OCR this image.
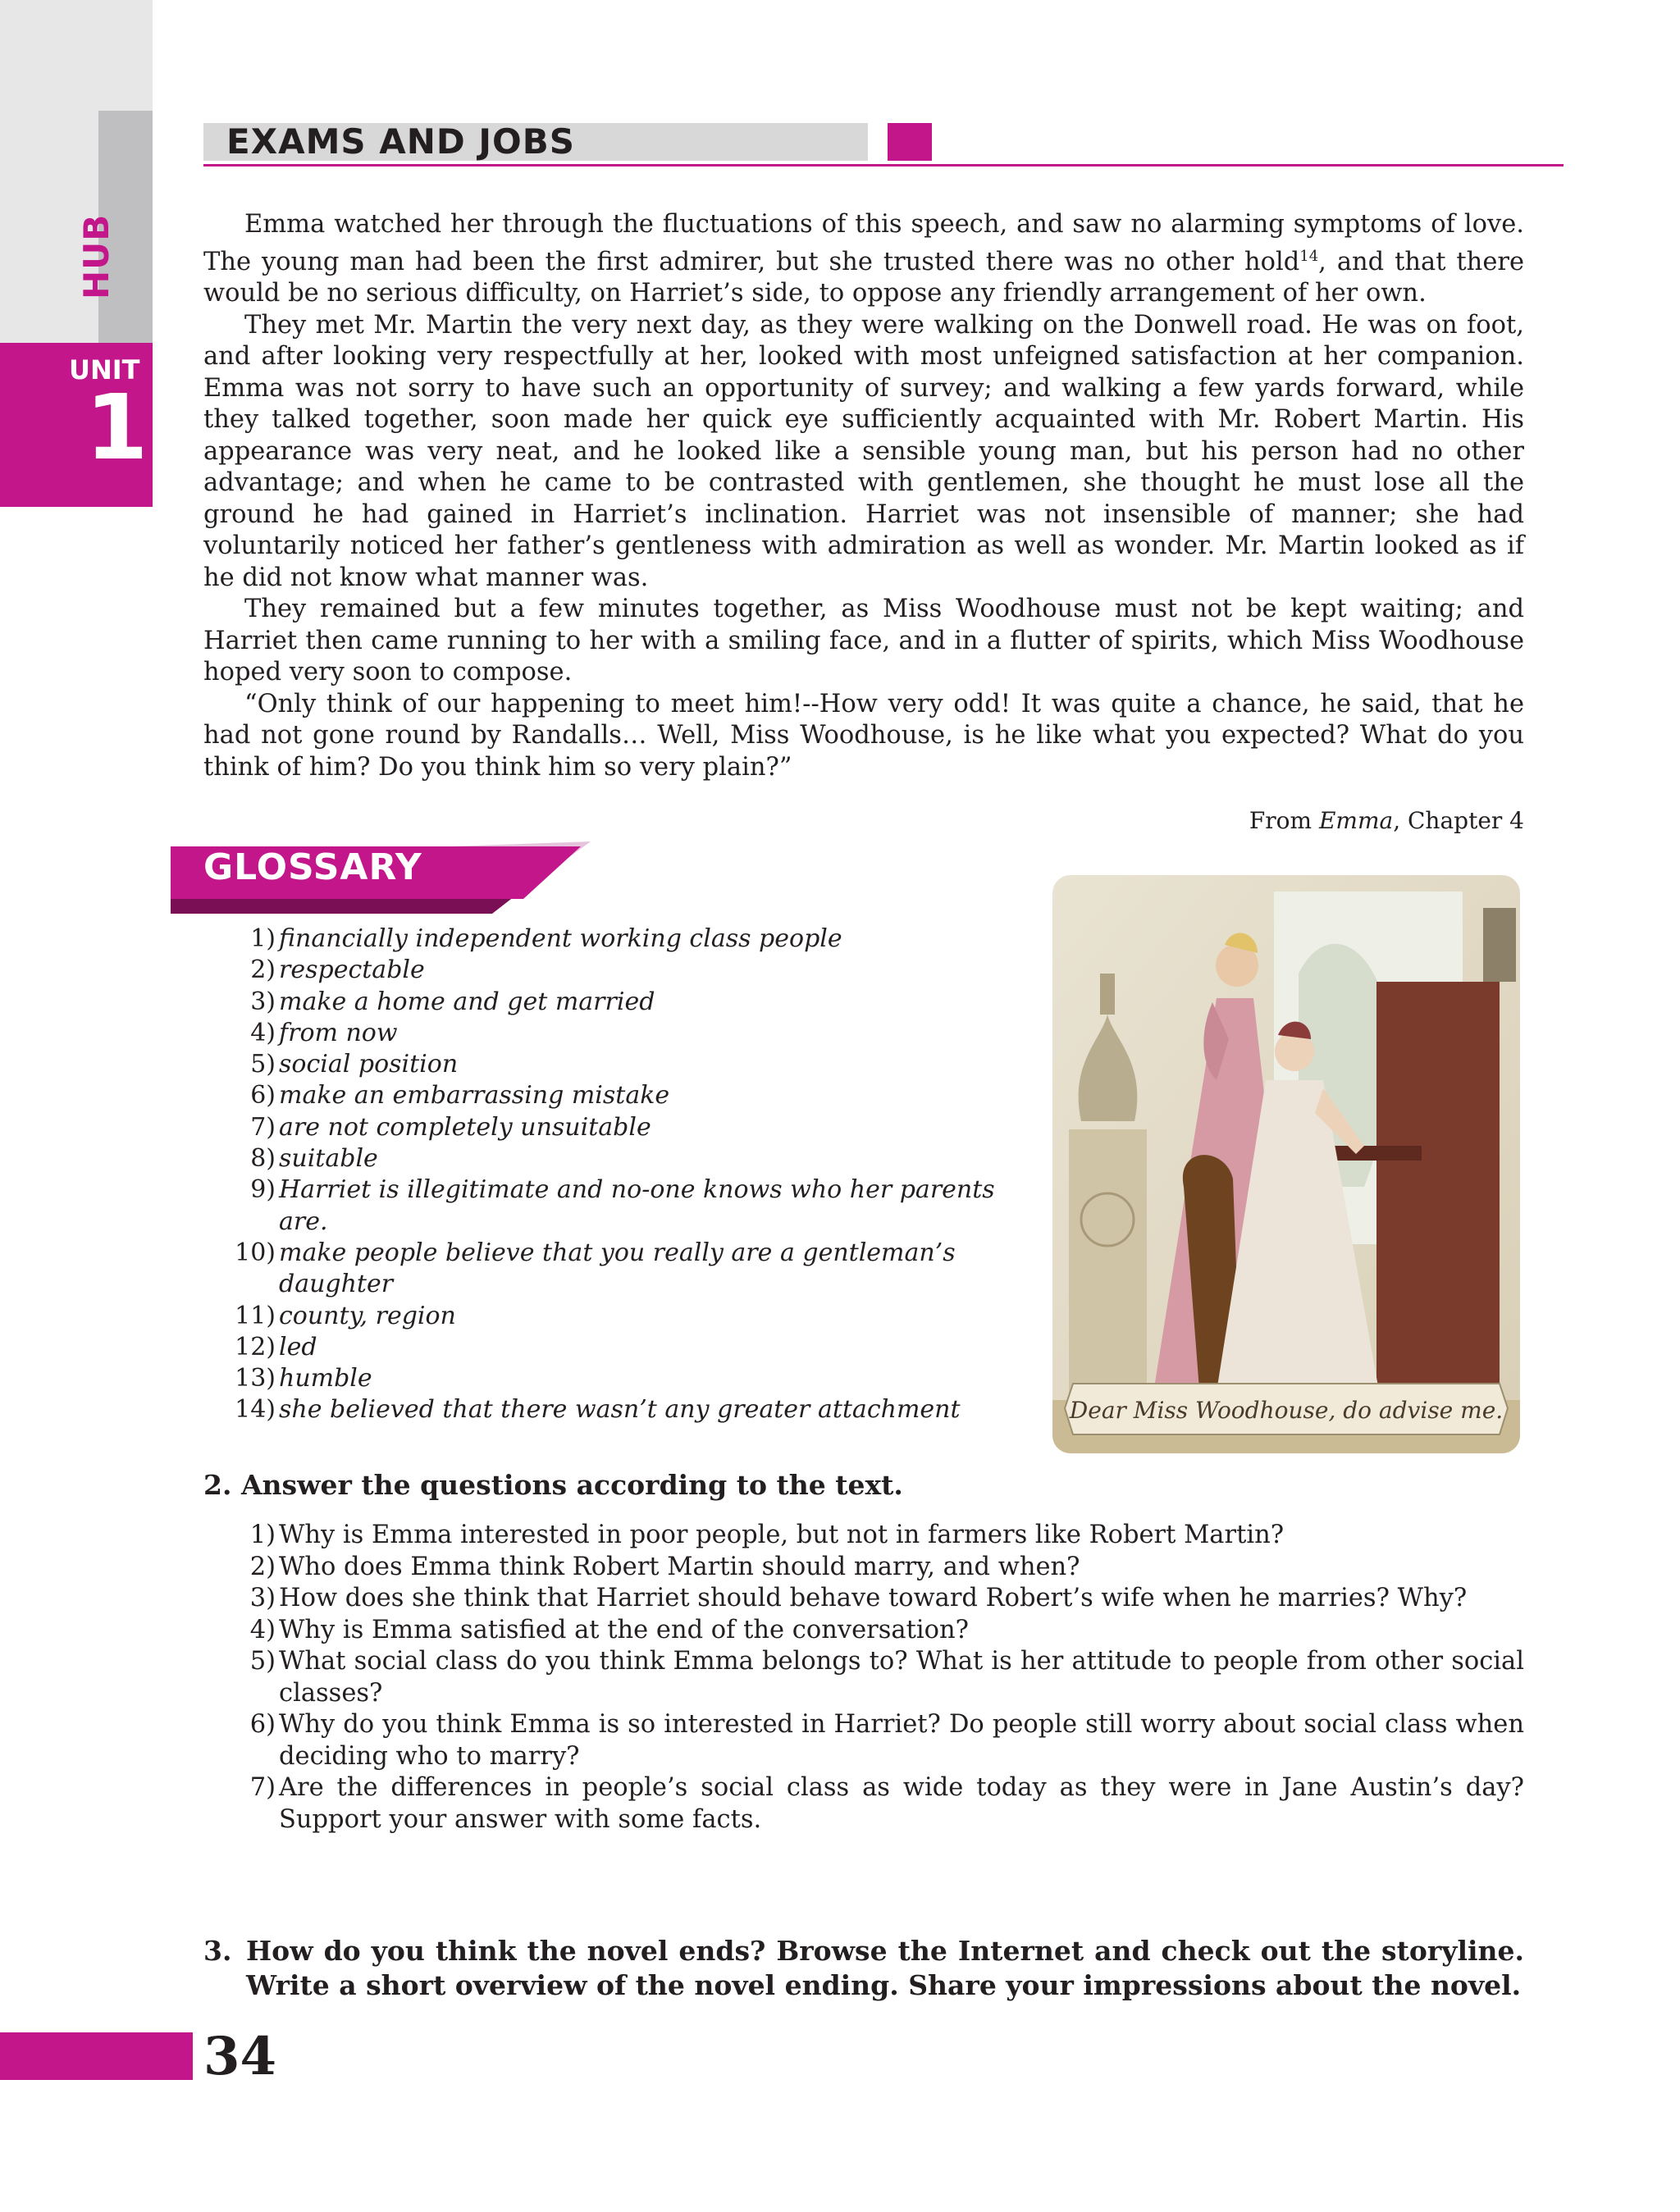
UNIT
1
EXAMS AND JOBS

Emma watched her through the fluctuations of this speech, and saw no alarming symptoms of love. The young man had been the first admirer, but she trusted there was no other hold$^{14}$, and that there would be no serious difficulty, on Harriet’s side, to oppose any friendly arrangement of her own.

They met Mr. Martin the very next day, as they were walking on the Donwell road. He was on foot, and after looking very respectfully at her, looked with most unfeigned satisfaction at her companion. Emma was not sorry to have such an opportunity of survey; and walking a few yards forward, while they talked together, soon made her quick eye sufficiently acquainted with Mr. Robert Martin. His appearance was very neat, and he looked like a sensible young man, but his person had no other advantage; and when he came to be contrasted with gentlemen, she thought he must lose all the ground he had gained in Harriet’s inclination. Harriet was not insensible of manner; she had voluntarily noticed her father’s gentleness with admiration as well as wonder. Mr. Martin looked as if he did not know what manner was.

They remained but a few minutes together, as Miss Woodhouse must not be kept waiting; and Harriet then came running to her with a smiling face, and in a flutter of spirits, which Miss Woodhouse hoped very soon to compose.

“Only think of our happening to meet him!--How very odd! It was quite a chance, he said, that he had not gone round by Randalls… Well, Miss Woodhouse, is he like what you expected? What do you think of him? Do you think him so very plain?”

From Emma, Chapter 4
GLOSSARY
1) financially independent working class people
2) respectable
3) make a home and get married
4) from now
5) social position
6) make an embarrassing mistake
7) are not completely unsuitable
8) suitable
9) Harriet is illegitimate and no-one knows who her parents are.
10) make people believe that you really are a gentleman’s daughter
11) county, region
12) led
13) humble
14) she believed that there wasn’t any greater attachment	Dear Miss Woodhouse, do advise me.
2. Answer the questions according to the text.
1) Why is Emma interested in poor people, but not in farmers like Robert Martin?
2) Who does Emma think Robert Martin should marry, and when?
3) How does she think that Harriet should behave toward Robert’s wife when he marries? Why?
4) Why is Emma satisfied at the end of the conversation?
5) What social class do you think Emma belongs to? What is her attitude to people from other social classes?
6) Why do you think Emma is so interested in Harriet? Do people still worry about social class when deciding who to marry?
7) Are the differences in people’s social class as wide today as they were in Jane Austin’s day? Support your answer with some facts.
3. How do you think the novel ends? Browse the Internet and check out the storyline. Write a short overview of the novel ending. Share your impressions about the novel.
34
